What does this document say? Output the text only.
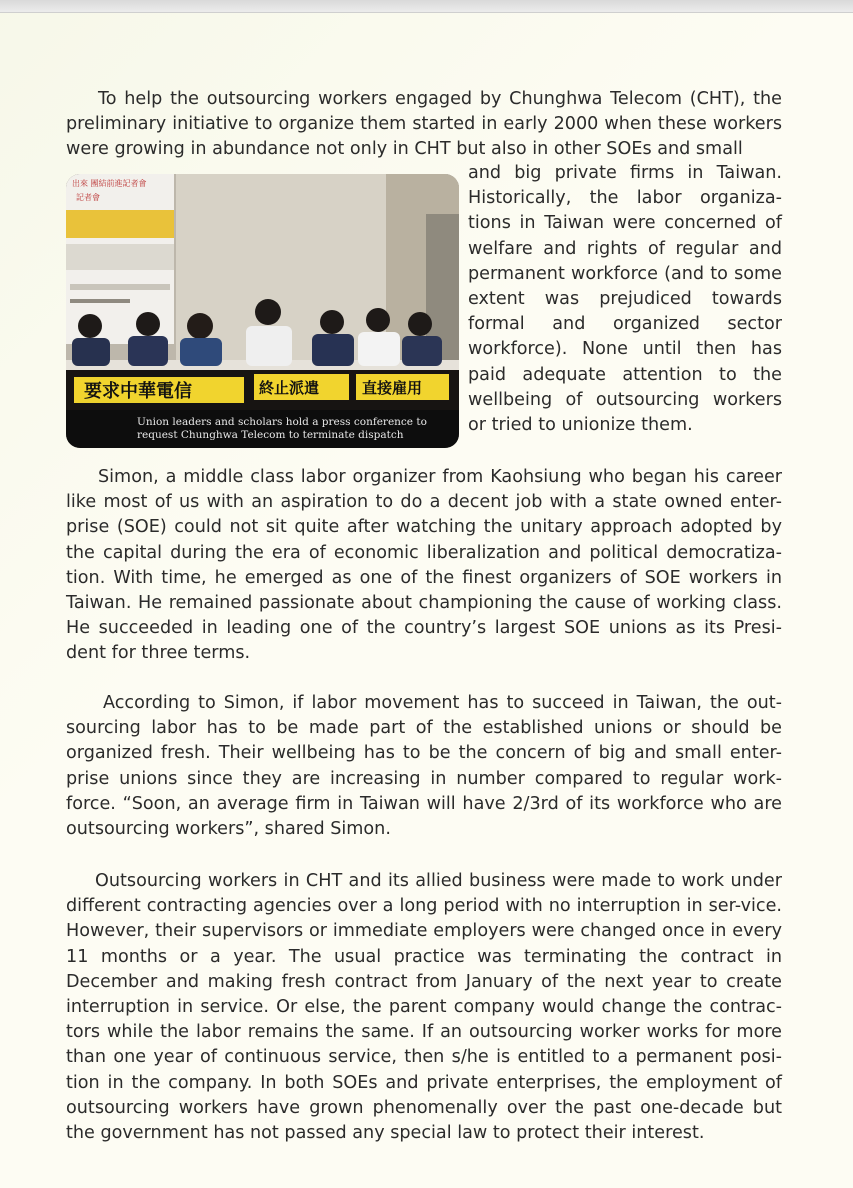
To help the outsourcing workers engaged by Chunghwa Telecom (CHT), the preliminary initiative to organize them started in early 2000 when these workers were growing in abundance not only in CHT but also in other SOEs and small
出來 團結前進記者會
記者會
要求中華電信	終止派遣	直接雇用
Union leaders and scholars hold a press conference to
request Chunghwa Telecom to terminate dispatch
and big private firms in Taiwan. Historically, the labor organiza-tions in Taiwan were concerned of welfare and rights of regular and permanent workforce (and to some extent was prejudiced towards formal and organized sector workforce). None until then has paid adequate attention to the wellbeing of outsourcing workers or tried to unionize them.
Simon, a middle class labor organizer from Kaohsiung who began his career like most of us with an aspiration to do a decent job with a state owned enter-prise (SOE) could not sit quite after watching the unitary approach adopted by the capital during the era of economic liberalization and political democratiza-tion. With time, he emerged as one of the finest organizers of SOE workers in Taiwan. He remained passionate about championing the cause of working class. He succeeded in leading one of the country’s largest SOE unions as its Presi-dent for three terms.
According to Simon, if labor movement has to succeed in Taiwan, the out-sourcing labor has to be made part of the established unions or should be organized fresh. Their wellbeing has to be the concern of big and small enter-prise unions since they are increasing in number compared to regular work-force. “Soon, an average firm in Taiwan will have 2/3rd of its workforce who are outsourcing workers”, shared Simon.
Outsourcing workers in CHT and its allied business were made to work under different contracting agencies over a long period with no interruption in ser-vice. However, their supervisors or immediate employers were changed once in every 11 months or a year. The usual practice was terminating the contract in December and making fresh contract from January of the next year to create interruption in service. Or else, the parent company would change the contrac-tors while the labor remains the same. If an outsourcing worker works for more than one year of continuous service, then s/he is entitled to a permanent posi-tion in the company. In both SOEs and private enterprises, the employment of outsourcing workers have grown phenomenally over the past one-decade but the government has not passed any special law to protect their interest.
